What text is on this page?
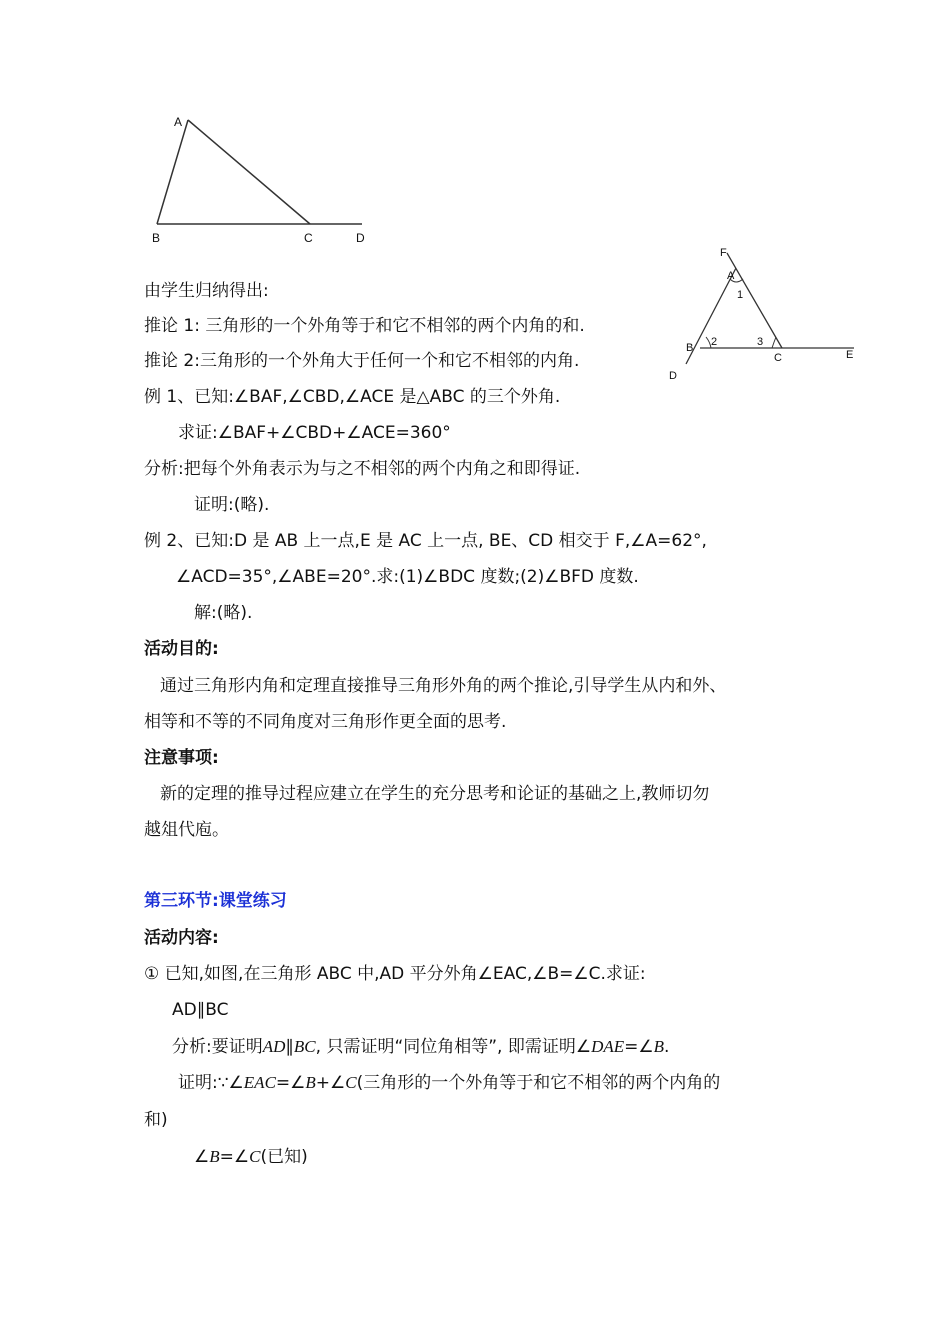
A
B	C	D
F
A
1
B 2	3
C	E
D
由学生归纳得出:
推论 1: 三角形的一个外角等于和它不相邻的两个内角的和.
推论 2:三角形的一个外角大于任何一个和它不相邻的内角.
例 1、已知:∠BAF,∠CBD,∠ACE 是△ABC 的三个外角.
求证:∠BAF+∠CBD+∠ACE=360°
分析:把每个外角表示为与之不相邻的两个内角之和即得证.
证明:(略).
例 2、已知:D 是 AB 上一点,E 是 AC 上一点, BE、CD 相交于 F,∠A=62°,
∠ACD=35°,∠ABE=20°.求:(1)∠BDC 度数;(2)∠BFD 度数.
解:(略).
活动目的:
通过三角形内角和定理直接推导三角形外角的两个推论,引导学生从内和外、
相等和不等的不同角度对三角形作更全面的思考.
注意事项:
新的定理的推导过程应建立在学生的充分思考和论证的基础之上,教师切勿
越俎代庖。
第三环节:课堂练习
活动内容:
① 已知,如图,在三角形 ABC 中,AD 平分外角∠EAC,∠B=∠C.求证:
AD∥BC
分析:要证明AD∥BC, 只需证明“同位角相等”, 即需证明∠DAE=∠B.
证明:∵∠EAC=∠B+∠C(三角形的一个外角等于和它不相邻的两个内角的
和)
∠B=∠C(已知)
